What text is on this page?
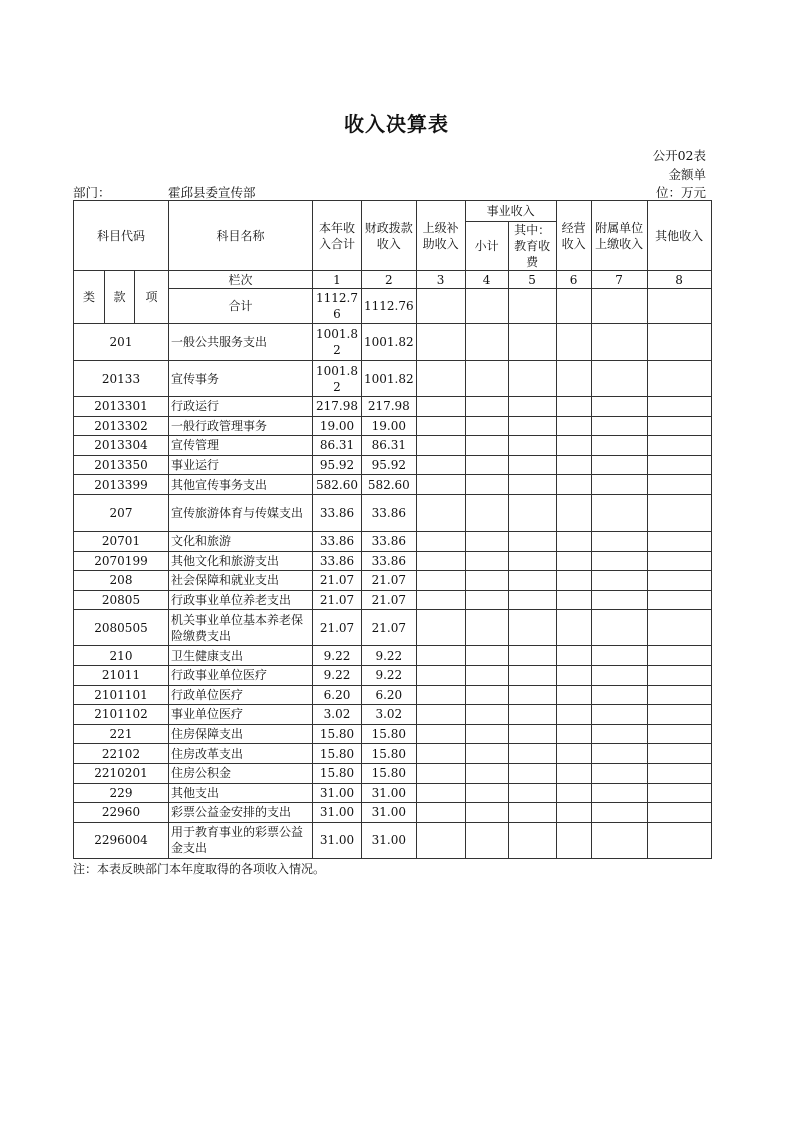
收入决算表
公开02表
金额单
位：万元
部门：	霍邱县委宣传部
科目代码			科目名称	本年收入合计	财政拨款收入	上级补助收入	事业收入		经营收入	附属单位上缴收入	其他收入
							小计	其中：教育收费			
类	款	项	栏次	1	2	3	4	5	6	7	8
			合计	1112.76	1112.76						
201			一般公共服务支出	1001.82	1001.82						
20133			宣传事务	1001.82	1001.82						
2013301			行政运行	217.98	217.98						
2013302			一般行政管理事务	19.00	19.00						
2013304			宣传管理	86.31	86.31						
2013350			事业运行	95.92	95.92						
2013399			其他宣传事务支出	582.60	582.60						
207			宣传旅游体育与传媒支出	33.86	33.86						
20701			文化和旅游	33.86	33.86						
2070199			其他文化和旅游支出	33.86	33.86						
208			社会保障和就业支出	21.07	21.07						
20805			行政事业单位养老支出	21.07	21.07						
2080505			机关事业单位基本养老保险缴费支出	21.07	21.07						
210			卫生健康支出	9.22	9.22						
21011			行政事业单位医疗	9.22	9.22						
2101101			行政单位医疗	6.20	6.20						
2101102			事业单位医疗	3.02	3.02						
221			住房保障支出	15.80	15.80						
22102			住房改革支出	15.80	15.80						
2210201			住房公积金	15.80	15.80						
229			其他支出	31.00	31.00						
22960			彩票公益金安排的支出	31.00	31.00						
2296004			用于教育事业的彩票公益金支出	31.00	31.00						
注：本表反映部门本年度取得的各项收入情况。
